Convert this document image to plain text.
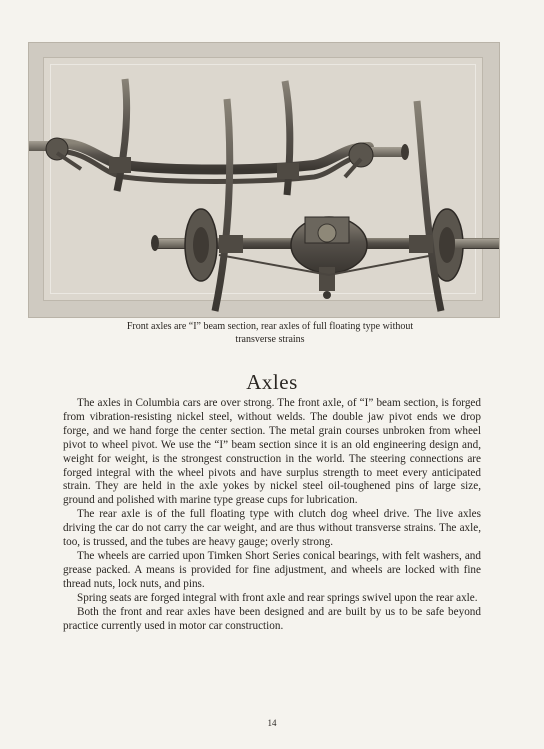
Front axles are “I” beam section, rear axles of full floating type without
transverse strains
Axles

The axles in Columbia cars are over strong. The front axle, of “I” beam section, is forged from vibration-resisting nickel steel, without welds. The double jaw pivot ends we drop forge, and we hand forge the center section. The metal grain courses unbroken from wheel pivot to wheel pivot. We use the “I” beam section since it is an old engineering design and, weight for weight, is the strongest construction in the world. The steering connections are forged integral with the wheel pivots and have surplus strength to meet every anticipated strain. They are held in the axle yokes by nickel steel oil-toughened pins of large size, ground and polished with marine type grease cups for lubrication.

The rear axle is of the full floating type with clutch dog wheel drive. The live axles driving the car do not carry the car weight, and are thus without transverse strains. The axle, too, is trussed, and the tubes are heavy gauge; overly strong.

The wheels are carried upon Timken Short Series conical bearings, with felt washers, and grease packed. A means is provided for fine adjustment, and wheels are locked with fine thread nuts, lock nuts, and pins.

Spring seats are forged integral with front axle and rear springs swivel upon the rear axle.

Both the front and rear axles have been designed and are built by us to be safe beyond practice currently used in motor car construction.

14
